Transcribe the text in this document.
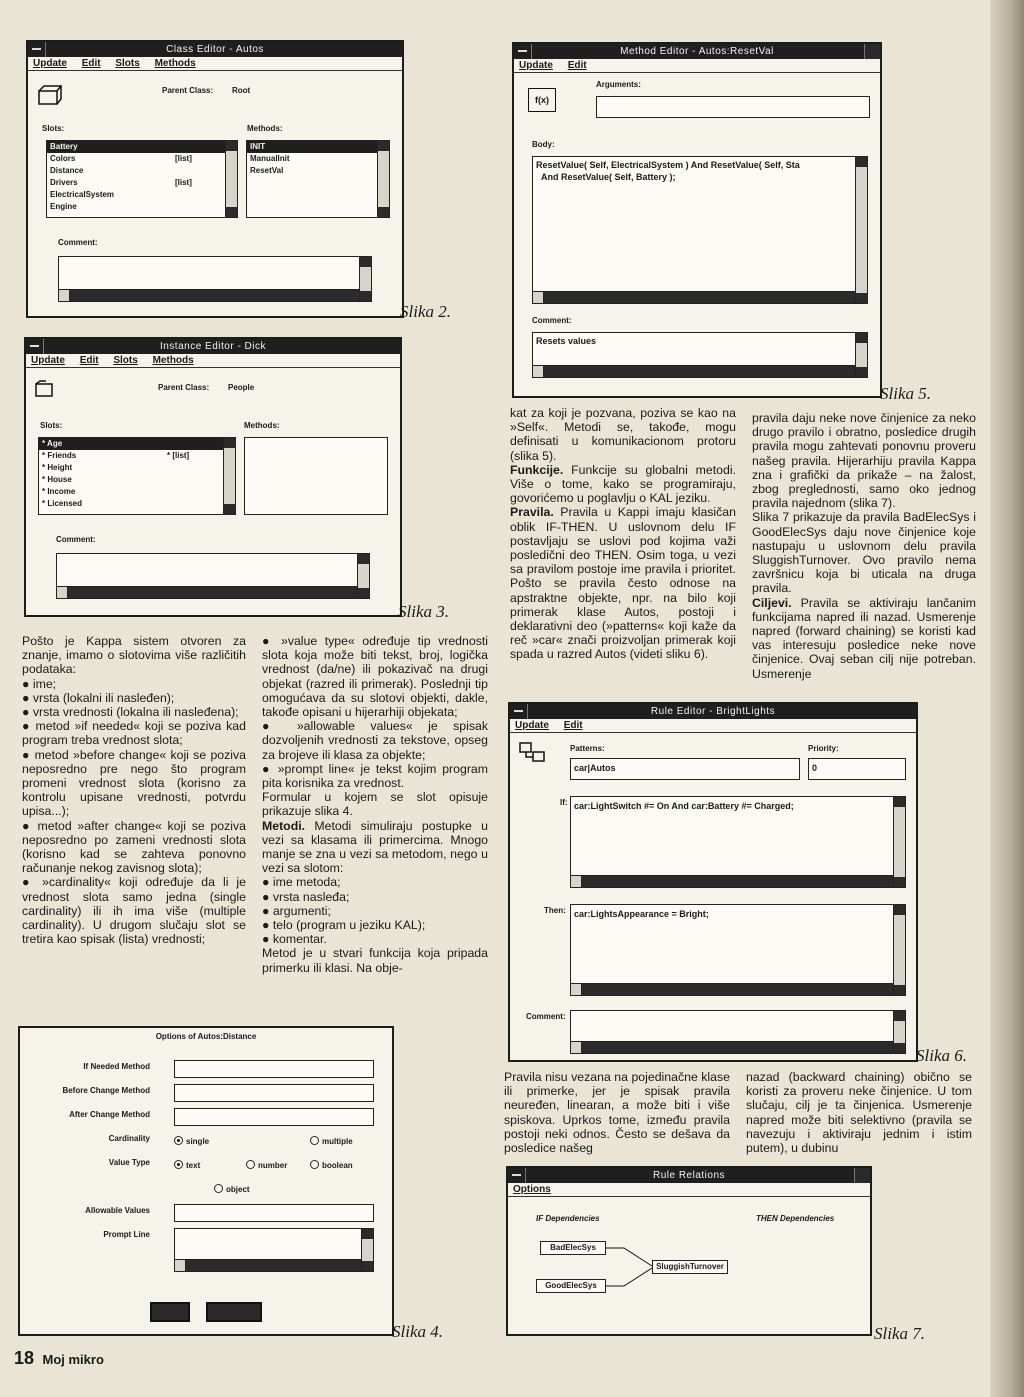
Class Editor - Autos
Update Edit Slots Methods
Parent Class: Root
Slots:	Methods:
Battery
Colors	[list]
Distance
Drivers	[list]
ElectricalSystem
Engine
INIT
ManualInit
ResetVal
Comment:
Slika 2.
Instance Editor - Dick
Update Edit Slots Methods
Parent Class: People
Slots:	Methods:
* Age
* Friends	* [list]
* Height
* House
* Income
* Licensed
Comment:
Slika 3.
Method Editor - Autos:ResetVal
Update Edit
f(x)
Arguments:
Body:
ResetValue( Self, ElectricalSystem ) And ResetValue( Self, Sta
And ResetValue( Self, Battery );
Comment:
Resets values
Slika 5.
Rule Editor - BrightLights
Update Edit
Patterns:
car|Autos
Priority:
0
If: car:LightSwitch #= On And car:Battery #= Charged;
Then: car:LightsAppearance = Bright;
Comment:
Slika 6.
Options of Autos:Distance
If Needed Method
Before Change Method
After Change Method
Cardinality	single	multiple
Value Type	text	number	boolean
object
Allowable Values
Prompt Line
Slika 4.
Rule Relations
Options
IF Dependencies	THEN Dependencies
BadElecSys
GoodElecSys
SluggishTurnover
Slika 7.

Pošto je Kappa sistem otvoren za znanje, imamo o slotovima više različitih podataka:

● ime;

● vrsta (lokalni ili nasleđen);

● vrsta vrednosti (lokalna ili nasleđena);

● metod »if needed« koji se poziva kad program treba vrednost slota;

● metod »before change« koji se poziva neposredno pre nego što program promeni vrednost slota (korisno za kontrolu upisane vrednosti, potvrdu upisa...);

● metod »after change« koji se poziva neposredno po zameni vrednosti slota (korisno kad se zahteva ponovno računanje nekog zavisnog slota);

● »cardinality« koji određuje da li je vrednost slota samo jedna (single cardinality) ili ih ima više (multiple cardinality). U drugom slučaju slot se tretira kao spisak (lista) vrednosti;

● »value type« određuje tip vrednosti slota koja može biti tekst, broj, logička vrednost (da/ne) ili pokazivač na drugi objekat (razred ili primerak). Poslednji tip omogućava da su slotovi objekti, dakle, takođe opisani u hijerarhiji objekata;

● »allowable values« je spisak dozvoljenih vrednosti za tekstove, opseg za brojeve ili klasa za objekte;

● »prompt line« je tekst kojim program pita korisnika za vrednost.

Formular u kojem se slot opisuje prikazuje slika 4.

Metodi. Metodi simuliraju postupke u vezi sa klasama ili primercima. Mnogo manje se zna u vezi sa metodom, nego u vezi sa slotom:

● ime metoda;

● vrsta nasleđa;

● argumenti;

● telo (program u jeziku KAL);

● komentar.

Metod je u stvari funkcija koja pripada primerku ili klasi. Na obje-

kat za koji je pozvana, poziva se kao na »Self«. Metodi se, takođe, mogu definisati u komunikacionom protoru (slika 5).

Funkcije. Funkcije su globalni metodi. Više o tome, kako se programiraju, govorićemo u poglavlju o KAL jeziku.

Pravila. Pravila u Kappi imaju klasičan oblik IF-THEN. U uslovnom delu IF postavljaju se uslovi pod kojima važi posledični deo THEN. Osim toga, u vezi sa pravilom postoje ime pravila i prioritet. Pošto se pravila često odnose na apstraktne objekte, npr. na bilo koji primerak klase Autos, postoji i deklarativni deo (»patterns« koji kaže da reč »car« znači proizvoljan primerak koji spada u razred Autos (videti sliku 6).

pravila daju neke nove činjenice za neko drugo pravilo i obratno, posledice drugih pravila mogu zahtevati ponovnu proveru našeg pravila. Hijerarhiju pravila Kappa zna i grafički da prikaže – na žalost, zbog preglednosti, samo oko jednog pravila najednom (slika 7).

Slika 7 prikazuje da pravila BadElecSys i GoodElecSys daju nove činjenice koje nastupaju u uslovnom delu pravila SluggishTurnover. Ovo pravilo nema završnicu koja bi uticala na druga pravila.

Ciljevi. Pravila se aktiviraju lančanim funkcijama napred ili nazad. Usmerenje napred (forward chaining) se koristi kad vas interesuju posledice neke nove činjenice. Ovaj seban cilj nije potreban. Usmerenje

Pravila nisu vezana na pojedinačne klase ili primerke, jer je spisak pravila neuređen, linearan, a može biti i više spiskova. Uprkos tome, između pravila postoji neki odnos. Često se dešava da posledice našeg

nazad (backward chaining) obično se koristi za proveru neke činjenice. U tom slučaju, cilj je ta činjenica. Usmerenje napred može biti selektivno (pravila se navezuju i aktiviraju jednim i istim putem), u dubinu

18 Moj mikro
